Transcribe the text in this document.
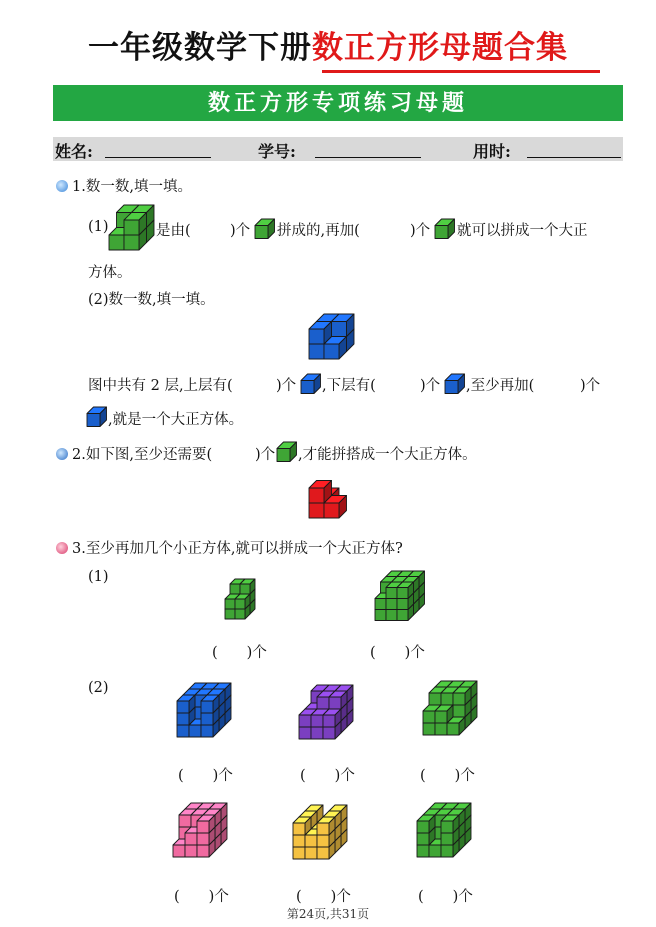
一年级数学下册数正方形母题合集
数正方形专项练习母题
姓名:	学号:	用时:
1.数一数,填一填。
(1)	是由(	)个 拼成的,再加(	)个 就可以拼成一个大正
方体。
(2)数一数,填一填。
图中共有 2 层,上层有(	)个 ,下层有(	)个 ,至少再加(	)个
,就是一个大正方体。
2.如下图,至少还需要(	)个 ,才能拼搭成一个大正方体。
3.至少再加几个小正方体,就可以拼成一个大正方体?
(1)
(　　)个	(　　)个
(2)
(　　)个	(　　)个	(　　)个
(　　)个	(　　)个	(　　)个
第24页,共31页
